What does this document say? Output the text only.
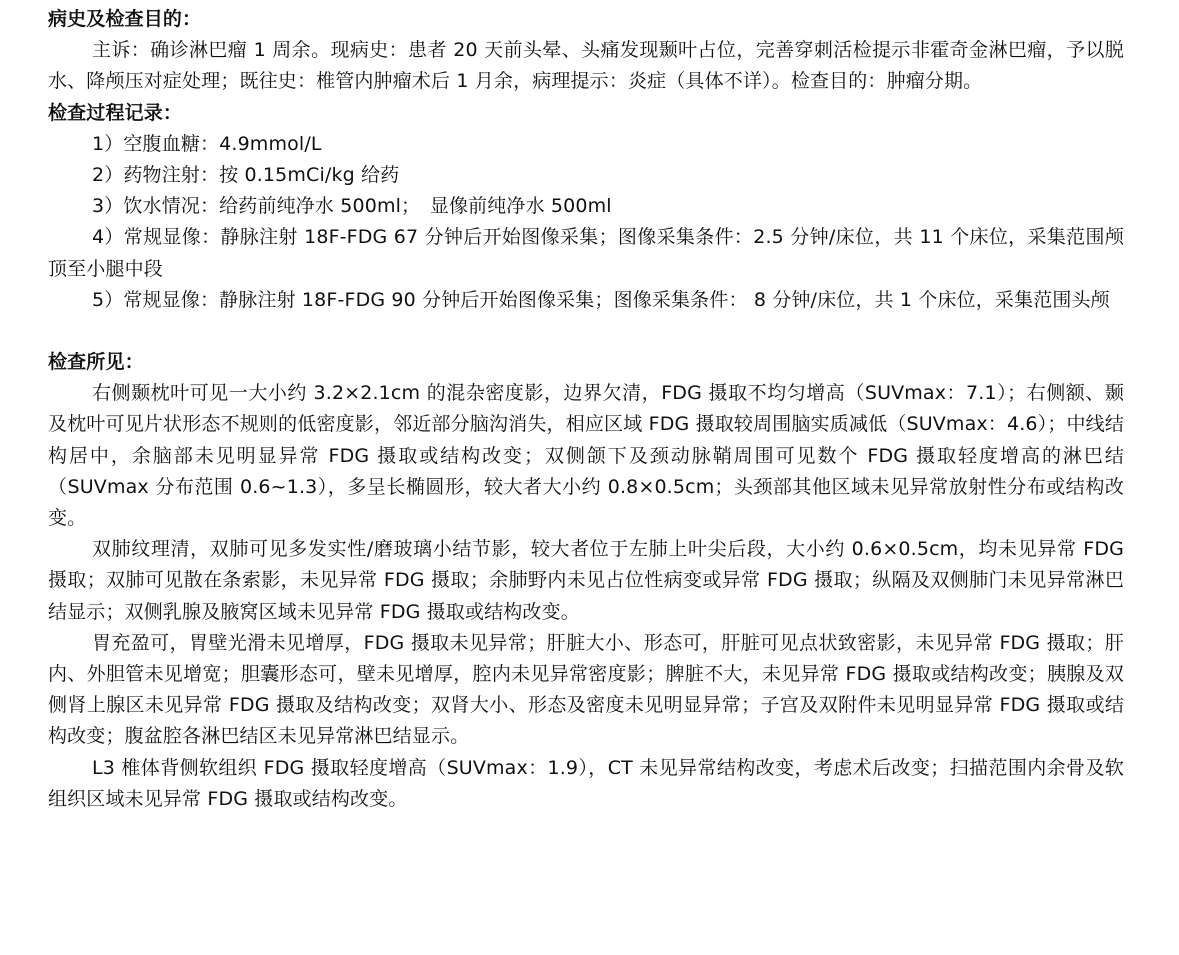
病史及检查目的：

主诉：确诊淋巴瘤 1 周余。现病史：患者 20 天前头晕、头痛发现颞叶占位，完善穿刺活检提示非霍奇金淋巴瘤，予以脱水、降颅压对症处理；既往史：椎管内肿瘤术后 1 月余，病理提示：炎症（具体不详）。检查目的：肿瘤分期。

检查过程记录：

1）空腹血糖：4.9mmol/L

2）药物注射：按 0.15mCi/kg 给药

3）饮水情况：给药前纯净水 500ml；　显像前纯净水 500ml

4）常规显像：静脉注射 18F-FDG 67 分钟后开始图像采集；图像采集条件：2.5 分钟/床位，共 11 个床位，采集范围颅顶至小腿中段

5）常规显像：静脉注射 18F-FDG 90 分钟后开始图像采集；图像采集条件： 8 分钟/床位，共 1 个床位，采集范围头颅

检查所见：

右侧颞枕叶可见一大小约 3.2×2.1cm 的混杂密度影，边界欠清，FDG 摄取不均匀增高（SUVmax：7.1）；右侧额、颞及枕叶可见片状形态不规则的低密度影，邻近部分脑沟消失，相应区域 FDG 摄取较周围脑实质减低（SUVmax：4.6）；中线结构居中，余脑部未见明显异常 FDG 摄取或结构改变；双侧颌下及颈动脉鞘周围可见数个 FDG 摄取轻度增高的淋巴结（SUVmax 分布范围 0.6~1.3），多呈长椭圆形，较大者大小约 0.8×0.5cm；头颈部其他区域未见异常放射性分布或结构改变。

双肺纹理清，双肺可见多发实性/磨玻璃小结节影，较大者位于左肺上叶尖后段，大小约 0.6×0.5cm，均未见异常 FDG 摄取；双肺可见散在条索影，未见异常 FDG 摄取；余肺野内未见占位性病变或异常 FDG 摄取；纵隔及双侧肺门未见异常淋巴结显示；双侧乳腺及腋窝区域未见异常 FDG 摄取或结构改变。

胃充盈可，胃壁光滑未见增厚，FDG 摄取未见异常；肝脏大小、形态可，肝脏可见点状致密影，未见异常 FDG 摄取；肝内、外胆管未见增宽；胆囊形态可，壁未见增厚，腔内未见异常密度影；脾脏不大，未见异常 FDG 摄取或结构改变；胰腺及双侧肾上腺区未见异常 FDG 摄取及结构改变；双肾大小、形态及密度未见明显异常；子宫及双附件未见明显异常 FDG 摄取或结构改变；腹盆腔各淋巴结区未见异常淋巴结显示。

L3 椎体背侧软组织 FDG 摄取轻度增高（SUVmax：1.9），CT 未见异常结构改变，考虑术后改变；扫描范围内余骨及软组织区域未见异常 FDG 摄取或结构改变。
